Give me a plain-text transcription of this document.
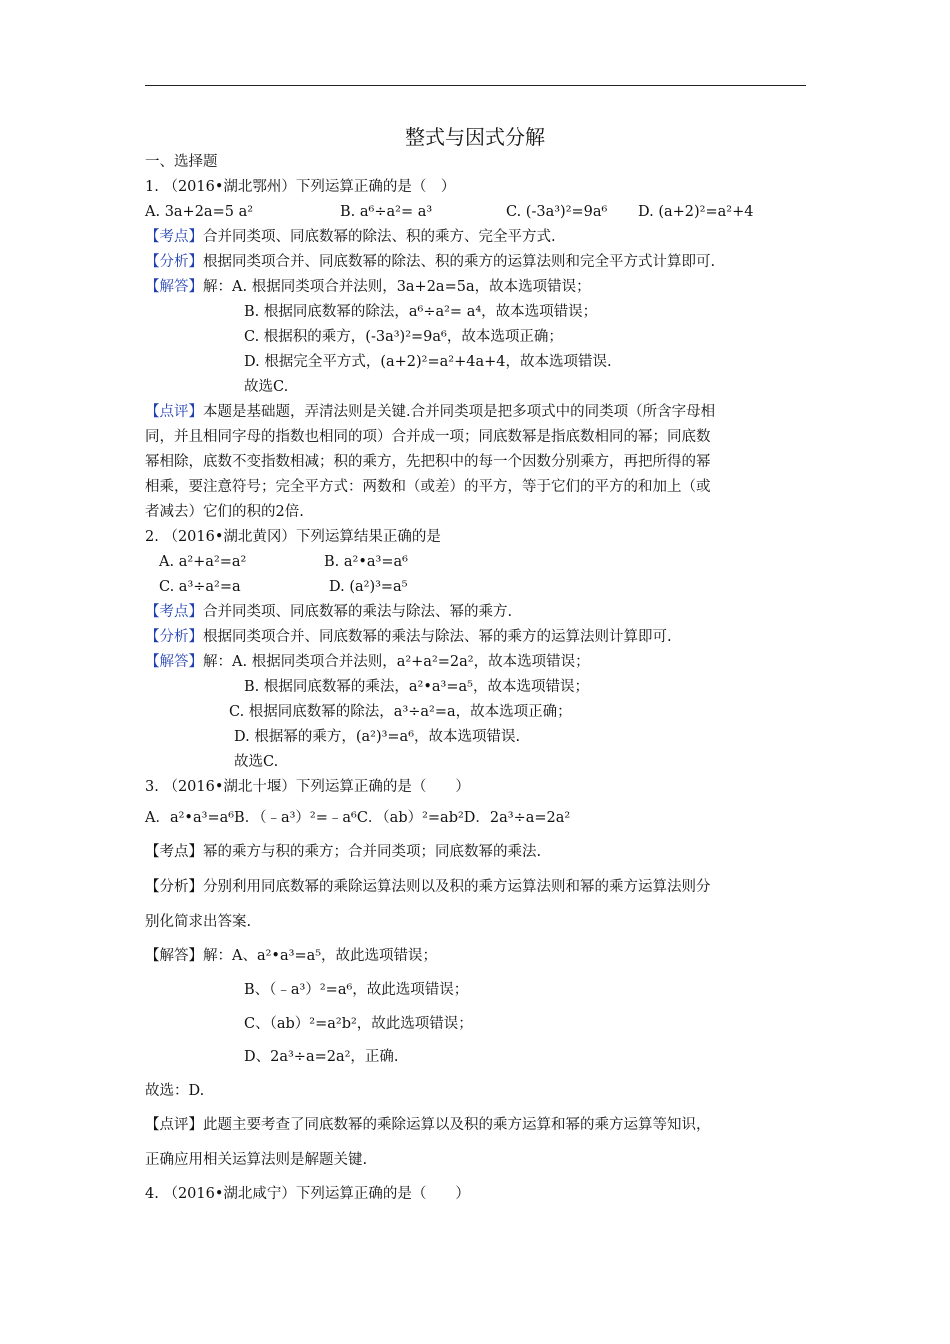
整式与因式分解
一、选择题
1. （2016•湖北鄂州）下列运算正确的是（　）
A. 3a+2a=5 a²	B. a⁶÷a²= a³	C. (-3a³)²=9a⁶ D. (a+2)²=a²+4
【考点】合并同类项、同底数幂的除法、积的乘方、完全平方式.
【分析】根据同类项合并、同底数幂的除法、积的乘方的运算法则和完全平方式计算即可.
【解答】解：A. 根据同类项合并法则，3a+2a=5a，故本选项错误；
B. 根据同底数幂的除法，a⁶÷a²= a⁴，故本选项错误；
C. 根据积的乘方，(-3a³)²=9a⁶，故本选项正确；
D. 根据完全平方式，(a+2)²=a²+4a+4，故本选项错误.
故选C.
【点评】本题是基础题，弄清法则是关键.合并同类项是把多项式中的同类项（所含字母相
同，并且相同字母的指数也相同的项）合并成一项；同底数幂是指底数相同的幂；同底数
幂相除，底数不变指数相减；积的乘方，先把积中的每一个因数分别乘方，再把所得的幂
相乘，要注意符号；完全平方式：两数和（或差）的平方，等于它们的平方的和加上（或
者减去）它们的积的2倍.
2. （2016•湖北黄冈）下列运算结果正确的是
A. a²+a²=a²	B. a²•a³=a⁶
C. a³÷a²=a	D. (a²)³=a⁵
【考点】合并同类项、同底数幂的乘法与除法、幂的乘方.
【分析】根据同类项合并、同底数幂的乘法与除法、幂的乘方的运算法则计算即可.
【解答】解：A. 根据同类项合并法则，a²+a²=2a²，故本选项错误；
B. 根据同底数幂的乘法，a²•a³=a⁵，故本选项错误；
C. 根据同底数幂的除法，a³÷a²=a，故本选项正确；
D. 根据幂的乘方，(a²)³=a⁶，故本选项错误.
故选C.
3. （2016•湖北十堰）下列运算正确的是（　　）
A．a²•a³=a⁶B．（﹣a³）²=﹣a⁶C．（ab）²=ab²D．2a³÷a=2a²
【考点】幂的乘方与积的乘方；合并同类项；同底数幂的乘法.
【分析】分别利用同底数幂的乘除运算法则以及积的乘方运算法则和幂的乘方运算法则分
别化简求出答案.
【解答】解：A、a²•a³=a⁵，故此选项错误；
B、（﹣a³）²=a⁶，故此选项错误；
C、（ab）²=a²b²，故此选项错误；
D、2a³÷a=2a²，正确.
故选：D.
【点评】此题主要考查了同底数幂的乘除运算以及积的乘方运算和幂的乘方运算等知识，
正确应用相关运算法则是解题关键.
4. （2016•湖北咸宁）下列运算正确的是（　　）
